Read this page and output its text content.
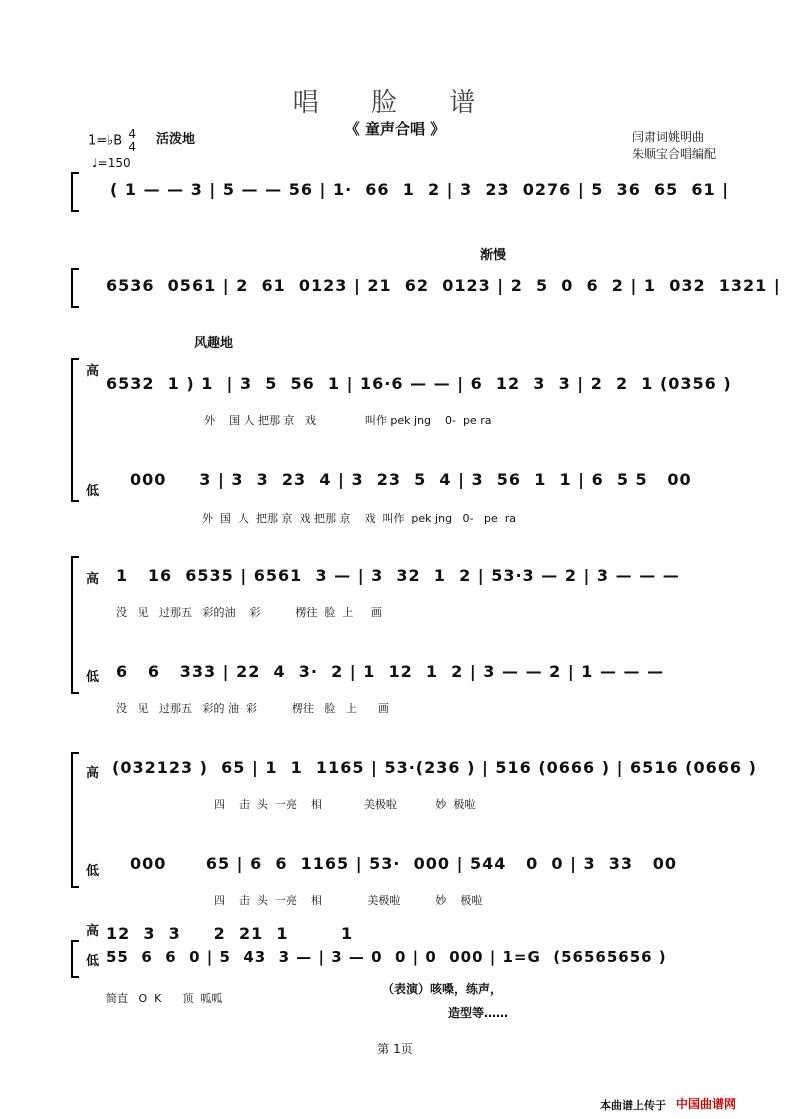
唱 脸 谱
《 童声合唱 》
1=♭B 4
4 活泼地
♩=150
闫肃词姚明曲
朱顺宝合唱编配
( 1 — — 3 | 5 — — 56 | 1·  66  1  2 | 3  23  0276 | 5  36  65  61 |
渐慢
6536  0561 | 2  61  0123 | 21  62  0123 | 2  5  0  6  2 | 1  032  1321 |
风趣地
高
6532  1 ) 1  | 3  5  56  1 | 16·6 — — | 6  12  3  3 | 2  2  1 (0356 )
外    国 人 把那 京   戏              叫作 pek jng    0-  pe ra
低
000     3 | 3  3  23  4 | 3  23  5  4 | 3  56  1  1 | 6  5 5   00
外  国  人  把那 京  戏 把那 京    戏  叫作  pek jng   0-   pe  ra
高 1   16  6535 | 6561  3 — | 3  32  1  2 | 53·3 — 2 | 3 — — —
没   见   过那五   彩的油    彩          楞往  脸  上     画
低 6   6   333 | 22  4  3·  2 | 1  12  1  2 | 3 — — 2 | 1 — — —
没   见   过那五   彩的 油  彩          楞往   脸   上      画
高 (032123 )  65 | 1  1  1165 | 53·(236 ) | 516 (0666 ) | 6516 (0666 )
四    击  头  一亮    相            美极啦           妙  极啦
低 000      65 | 6  6  1165 | 53·  000 | 544   0  0 | 3  33   00
四    击  头  一亮    相             美极啦          妙    极啦
高 12  3  3     2  21  1        1
低 55  6  6  0 | 5  43  3 — | 3 — 0  0 | 0  000 | 1=G  (56565656 )
简直   O  K      顶  呱呱
（表演）咳嗓，练声，
造型等……
第 1页
本曲谱上传于 中国曲谱网
